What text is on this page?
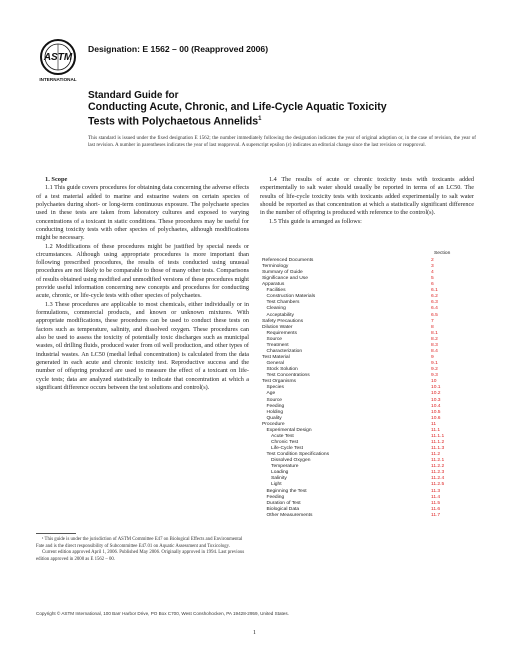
ASTM
INTERNATIONAL
Designation: E 1562 – 00 (Reapproved 2006)
Standard Guide for
Conducting Acute, Chronic, and Life-Cycle Aquatic Toxicity
Tests with Polychaetous Annelids$^1$
This standard is issued under the fixed designation E 1562; the number immediately following the designation indicates the year of original adoption or, in the case of revision, the year of last revision. A number in parentheses indicates the year of last reapproval. A superscript epsilon (ε) indicates an editorial change since the last revision or reapproval.

1. Scope

1.1 This guide covers procedures for obtaining data concerning the adverse effects of a test material added to marine and estuarine waters on certain species of polychaetes during short- or long-term continuous exposure. The polychaete species used in these tests are taken from laboratory cultures and exposed to varying concentrations of a toxicant in static conditions. These procedures may be useful for conducting toxicity tests with other species of polychaetes, although modifications might be necessary.

1.2 Modifications of these procedures might be justified by special needs or circumstances. Although using appropriate procedures is more important than following prescribed procedures, the results of tests conducted using unusual procedures are not likely to be comparable to those of many other tests. Comparisons of results obtained using modified and unmodified versions of these procedures might provide useful information concerning new concepts and procedures for conducting acute, chronic, or life-cycle tests with other species of polychaetes.

1.3 These procedures are applicable to most chemicals, either individually or in formulations, commercial products, and known or unknown mixtures. With appropriate modifications, these procedures can be used to conduct these tests on factors such as temperature, salinity, and dissolved oxygen. These procedures can also be used to assess the toxicity of potentially toxic discharges such as municipal wastes, oil drilling fluids, produced water from oil well production, and other types of industrial wastes. An LC50 (medial lethal concentration) is calculated from the data generated in each acute and chronic toxicity test. Reproductive success and the number of offspring produced are used to measure the effect of a toxicant on life-cycle tests; data are analyzed statistically to indicate that concentration at which a significant difference occurs between the test solutions and control(s).

1.4 The results of acute or chronic toxicity tests with toxicants added experimentally to salt water should usually be reported in terms of an LC50. The results of life-cycle toxicity tests with toxicants added experimentally to salt water should be reported as that concentration at which a statistically significant difference in the number of offspring is produced with reference to the control(s).

1.5 This guide is arranged as follows:

Section
Referenced Documents	2
Terminology	3
Summary of Guide	4
Significance and Use	5
Apparatus	6
Facilities	6.1
Construction Materials	6.2
Test Chambers	6.3
Cleaning	6.4
Acceptability	6.5
Safety Precautions	7
Dilution Water	8
Requirements	8.1
Source	8.2
Treatment	8.3
Characterization	8.4
Test Material	9
General	9.1
Stock Solution	9.2
Test Concentrations	9.3
Test Organisms	10
Species	10.1
Age	10.2
Source	10.3
Feeding	10.4
Holding	10.5
Quality	10.6
Procedure	11
Experimental Design	11.1
Acute Test	11.1.1
Chronic Test	11.1.2
Life-Cycle Test	11.1.3
Test Condition Specifications	11.2
Dissolved Oxygen	11.2.1
Temperature	11.2.2
Loading	11.2.3
Salinity	11.2.4
Light	11.2.5
Beginning the Test	11.3
Feeding	11.4
Duration of Test	11.5
Biological Data	11.6
Other Measurements	11.7

¹ This guide is under the jurisdiction of ASTM Committee E47 on Biological Effects and Environmental Fate and is the direct responsibility of Subcommittee E47.01 on Aquatic Assessment and Toxicology.

Current edition approved April 1, 2006. Published May 2006. Originally approved in 1994. Last previous edition approved in 2000 as E 1562 – 00.

Copyright © ASTM International, 100 Barr Harbor Drive, PO Box C700, West Conshohocken, PA 19428-2959, United States.
1
